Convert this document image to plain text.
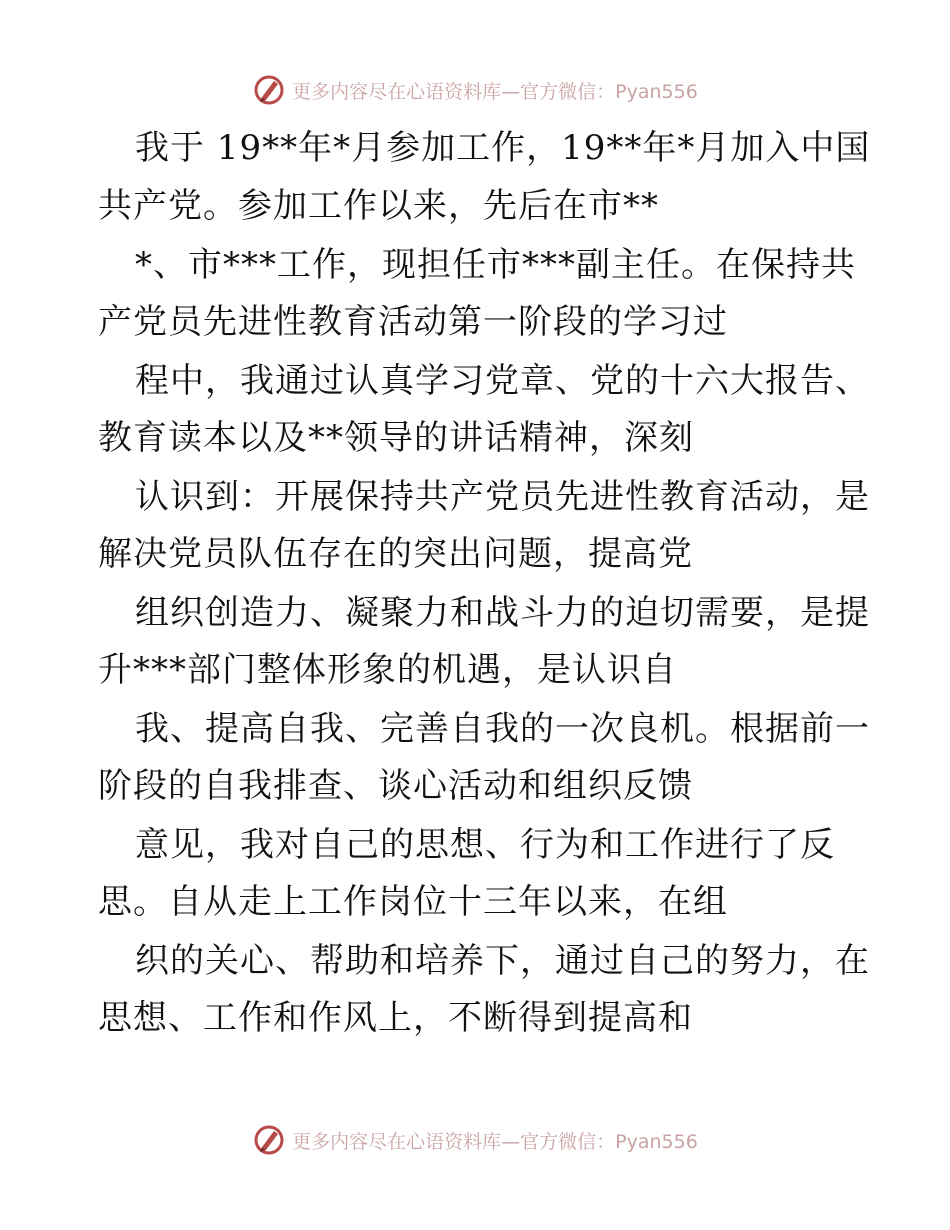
更多内容尽在心语资料库—官方微信：Pyan556
我于 19**年*月参加工作，19**年*月加入中国
共产党。参加工作以来，先后在市**
*、市***工作，现担任市***副主任。在保持共
产党员先进性教育活动第一阶段的学习过
程中，我通过认真学习党章、党的十六大报告、
教育读本以及**领导的讲话精神，深刻
认识到：开展保持共产党员先进性教育活动，是
解决党员队伍存在的突出问题，提高党
组织创造力、凝聚力和战斗力的迫切需要，是提
升***部门整体形象的机遇，是认识自
我、提高自我、完善自我的一次良机。根据前一
阶段的自我排查、谈心活动和组织反馈
意见，我对自己的思想、行为和工作进行了反
思。自从走上工作岗位十三年以来，在组
织的关心、帮助和培养下，通过自己的努力，在
思想、工作和作风上，不断得到提高和
更多内容尽在心语资料库—官方微信：Pyan556
